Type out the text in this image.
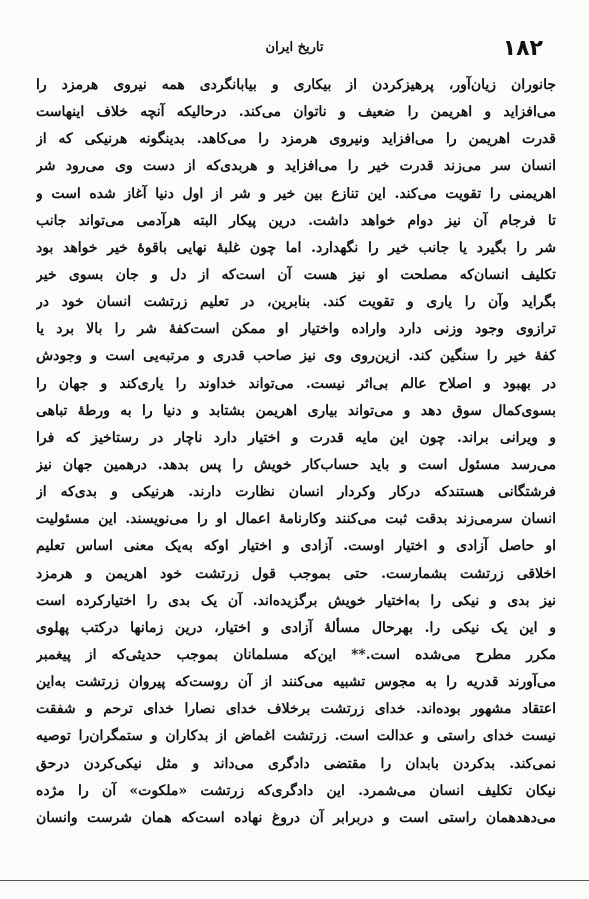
۱۸۲
تاریخ ایران
جانوران زیان‌آور، پرهیزکردن از بیکاری و بیابانگردی همه نیروی هرمزد را
می‌افزاید و اهریمن را ضعیف و ناتوان می‌کند. درحالیکه آنچه خلاف اینهاست
قدرت اهریمن را می‌افزاید ونیروی هرمزد را می‌کاهد. بدینگونه هرنیکی که از
انسان سر می‌زند قدرت خیر را می‌افزاید و هربدی‌که از دست وی می‌رود شر
اهریمنی را تقویت می‌کند. این تنازع بین خیر و شر از اول دنیا آغاز شده است و
تا فرجام آن نیز دوام خواهد داشت. درین پیکار البته هرآدمی می‌تواند جانب
شر را بگیرد یا جانب خیر را نگهدارد. اما چون غلبهٔ نهایی باقوهٔ خیر خواهد بود
تکلیف انسان‌که مصلحت او نیز هست آن است‌که از دل و جان بسوی خیر
بگراید وآن را یاری و تقویت کند. بنابرین، در تعلیم زرتشت انسان خود در
ترازوی وجود وزنی دارد واراده واختیار او ممکن است‌کفهٔ شر را بالا برد یا
کفهٔ خیر را سنگین کند. ازین‌روی وی نیز صاحب قدری و مرتبه‌یی است و وجودش
در بهبود و اصلاح عالم بی‌اثر نیست. می‌تواند خداوند را یاری‌کند و جهان را
بسوی‌کمال سوق دهد و می‌تواند بیاری اهریمن بشتابد و دنیا را به ورطهٔ تباهی
و ویرانی براند. چون این مایه قدرت و اختیار دارد ناچار در رستاخیز که فرا
می‌رسد مسئول است و باید حساب‌کار خویش را پس بدهد. درهمین جهان نیز
فرشتگانی هستند‌که درکار وکردار انسان نظارت دارند. هرنیکی و بدی‌که از
انسان سرمی‌زند بدقت ثبت می‌کنند وکارنامهٔ اعمال او را می‌نویسند. این مسئولیت
او حاصل آزادی و اختیار اوست. آزادی و اختیار او‌که به‌یک معنی اساس تعلیم
اخلاقی زرتشت بشمارست. حتی بموجب قول زرتشت خود اهریمن و هرمزد
نیز بدی و نیکی را به‌اختیار خویش برگزیده‌اند. آن یک بدی را اختیارکرده است
و این یک نیکی را. بهرحال مسألهٔ آزادی و اختیار، درین زمانها درکتب پهلوی
مکرر مطرح می‌شده است.** این‌که مسلمانان بموجب حدیثی‌که از پیغمبر
می‌آورند قدریه را به مجوس تشبیه می‌کنند از آن روست‌که پیروان زرتشت به‌این
اعتقاد مشهور بوده‌اند. خدای زرتشت برخلاف خدای نصارا خدای ترحم و شفقت
نیست خدای راستی و عدالت است. زرتشت اغماض از بدکاران و ستمگران‌را توصیه
نمی‌کند. بدکردن بابدان را مقتضی دادگری می‌داند و مثل نیکی‌کردن درحق
نیکان تکلیف انسان می‌شمرد. این دادگری‌که زرتشت «ملکوت» آن را مژده
می‌دهدهمان راستی است و دربرابر آن دروغ نهاده است‌که همان شرست وانسان
